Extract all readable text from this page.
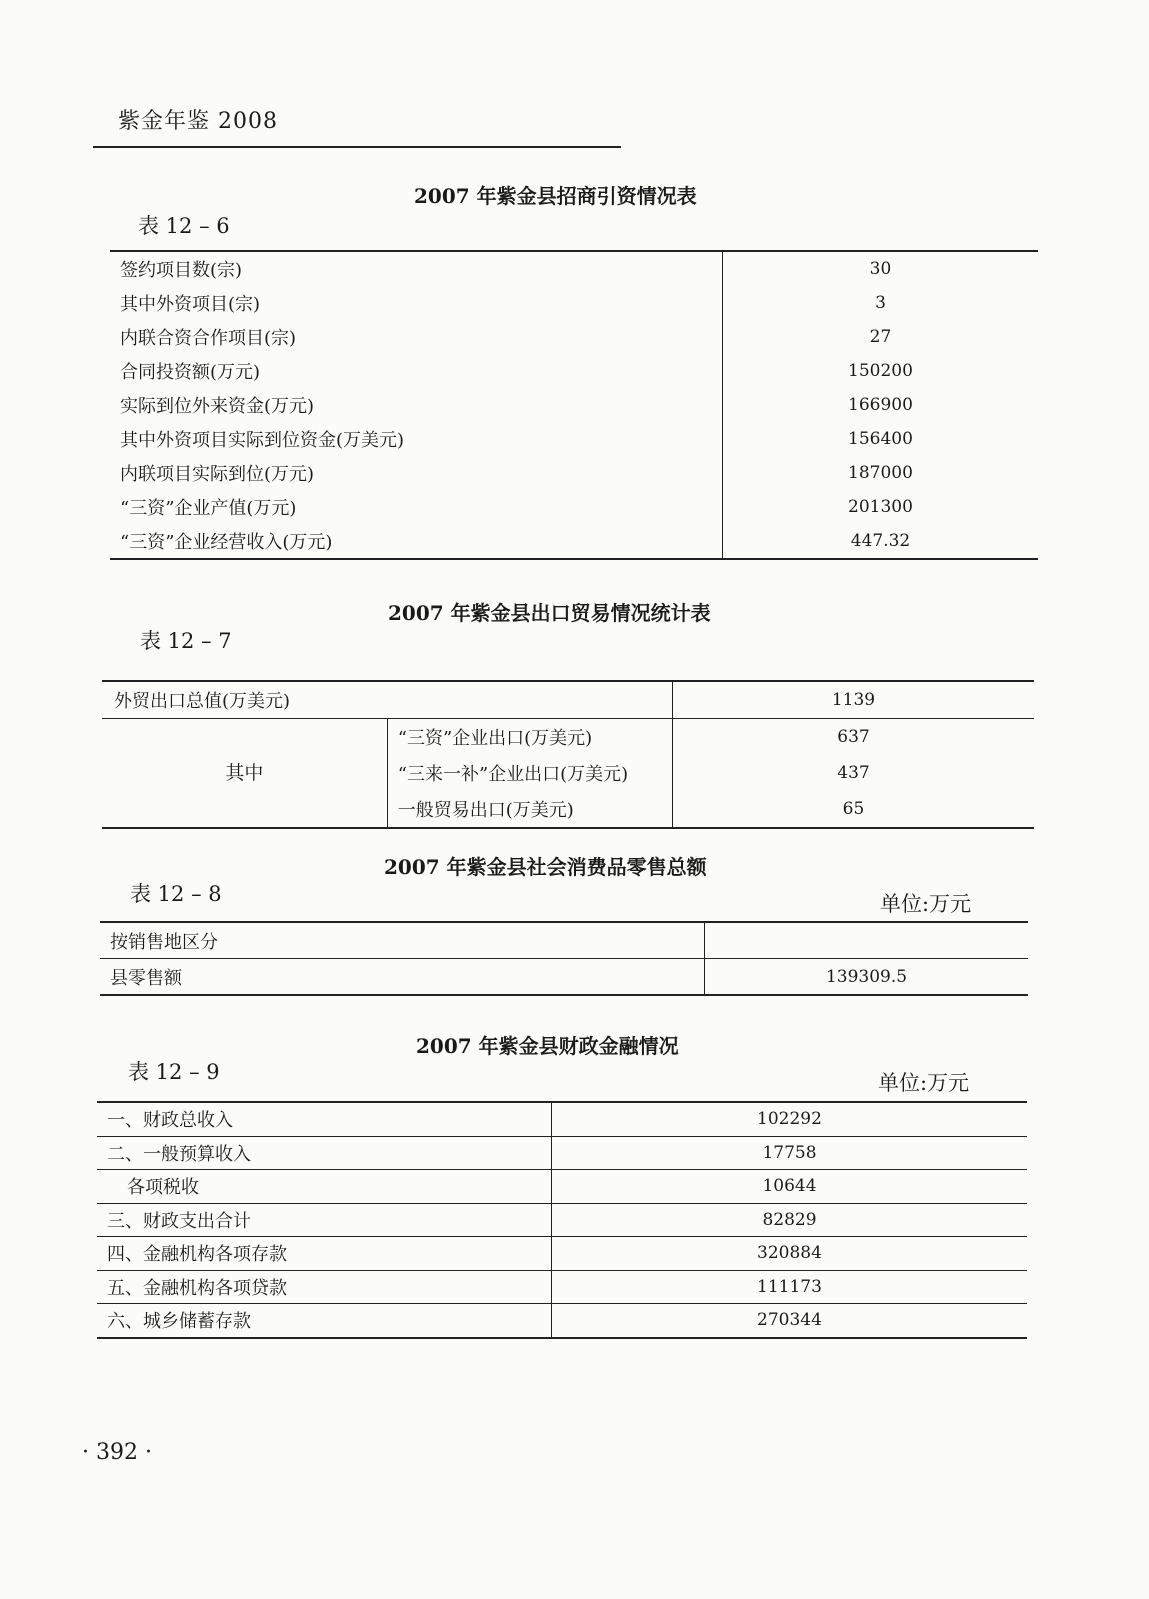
紫金年鉴 2008
2007 年紫金县招商引资情况表
表 12 – 6
签约项目数(宗)	30
其中外资项目(宗)	3
内联合资合作项目(宗)	27
合同投资额(万元)	150200
实际到位外来资金(万元)	166900
其中外资项目实际到位资金(万美元)	156400
内联项目实际到位(万元)	187000
“三资”企业产值(万元)	201300
“三资”企业经营收入(万元)	447.32
2007 年紫金县出口贸易情况统计表
表 12 – 7
外贸出口总值(万美元)		1139
其中	“三资”企业出口(万美元)	637
	“三来一补”企业出口(万美元)	437
	一般贸易出口(万美元)	65
2007 年紫金县社会消费品零售总额
表 12 – 8	单位:万元
按销售地区分	
县零售额	139309.5
2007 年紫金县财政金融情况
表 12 – 9	单位:万元
一、财政总收入	102292
二、一般预算收入	17758
各项税收	10644
三、财政支出合计	82829
四、金融机构各项存款	320884
五、金融机构各项贷款	111173
六、城乡储蓄存款	270344
· 392 ·
